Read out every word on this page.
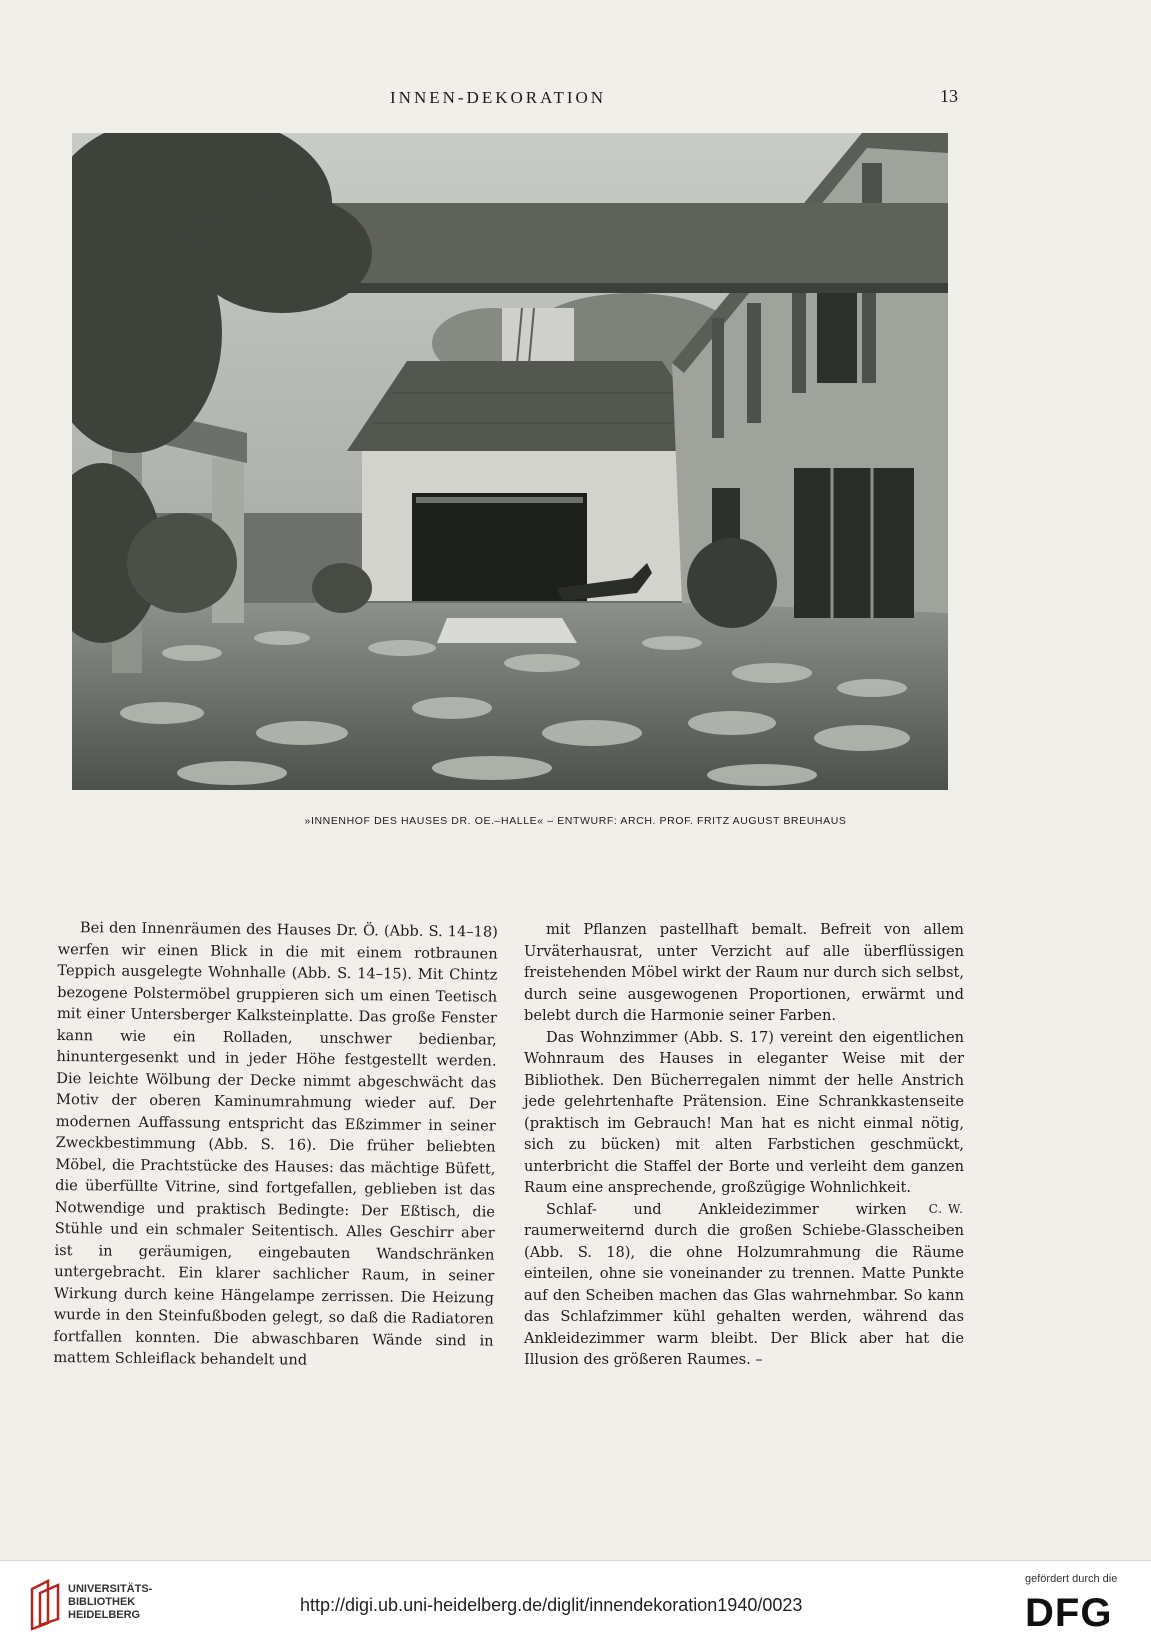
INNEN-DEKORATION	13
»INNENHOF DES HAUSES DR. OE.–HALLE« – ENTWURF: ARCH. PROF. FRITZ AUGUST BREUHAUS

Bei den Innenräumen des Hauses Dr. Ö. (Abb. S. 14–18) werfen wir einen Blick in die mit einem rotbraunen Teppich ausgelegte Wohnhalle (Abb. S. 14–15). Mit Chintz bezogene Polstermöbel gruppieren sich um einen Teetisch mit einer Untersberger Kalksteinplatte. Das große Fenster kann wie ein Rolladen, unschwer bedienbar, hinuntergesenkt und in jeder Höhe festgestellt werden. Die leichte Wölbung der Decke nimmt abgeschwächt das Motiv der oberen Kaminumrahmung wieder auf. Der modernen Auffassung entspricht das Eßzimmer in seiner Zweckbestimmung (Abb. S. 16). Die früher beliebten Möbel, die Prachtstücke des Hauses: das mächtige Büfett, die überfüllte Vitrine, sind fortgefallen, geblieben ist das Notwendige und praktisch Bedingte: Der Eßtisch, die Stühle und ein schmaler Seitentisch. Alles Geschirr aber ist in geräumigen, eingebauten Wandschränken untergebracht. Ein klarer sachlicher Raum, in seiner Wirkung durch keine Hängelampe zerrissen. Die Heizung wurde in den Steinfußboden gelegt, so daß die Radiatoren fortfallen konnten. Die abwaschbaren Wände sind in mattem Schleiflack behandelt und

mit Pflanzen pastellhaft bemalt. Befreit von allem Urväterhausrat, unter Verzicht auf alle überflüssigen freistehenden Möbel wirkt der Raum nur durch sich selbst, durch seine ausgewogenen Proportionen, erwärmt und belebt durch die Harmonie seiner Farben.

Das Wohnzimmer (Abb. S. 17) vereint den eigentlichen Wohnraum des Hauses in eleganter Weise mit der Bibliothek. Den Bücherregalen nimmt der helle Anstrich jede gelehrtenhafte Prätension. Eine Schrankkastenseite (praktisch im Gebrauch! Man hat es nicht einmal nötig, sich zu bücken) mit alten Farbstichen geschmückt, unterbricht die Staffel der Borte und verleiht dem ganzen Raum eine ansprechende, großzügige Wohnlichkeit.

C. W.
Schlaf- und Ankleidezimmer wirken raumerweiternd durch die großen Schiebe-Glasscheiben (Abb. S. 18), die ohne Holzumrahmung die Räume einteilen, ohne sie voneinander zu trennen. Matte Punkte auf den Scheiben machen das Glas wahrnehmbar. So kann das Schlafzimmer kühl gehalten werden, während das Ankleidezimmer warm bleibt. Der Blick aber hat die Illusion des größeren Raumes. –

UNIVERSITÄTS-
BIBLIOTHEK
HEIDELBERG	http://digi.ub.uni-heidelberg.de/diglit/innendekoration1940/0023
gefördert durch die
DFG
